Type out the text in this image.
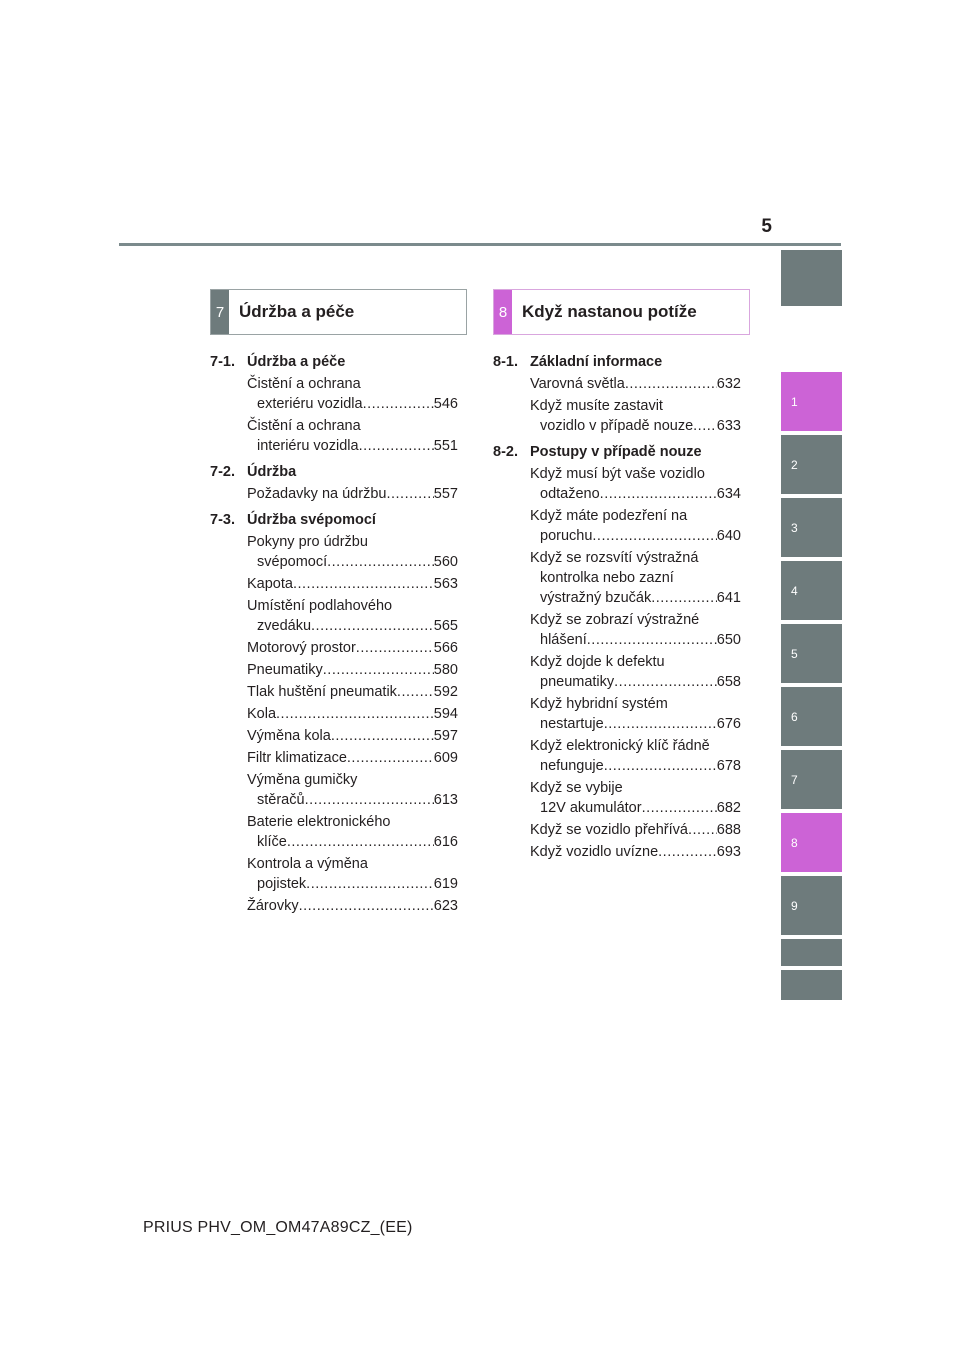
5
1
2
3
4
5
6
7
8
9
7 Údržba a péče	8 Když nastanou potíže
7-1. Údržba a péče
Čistění a ochrana
exteriéru vozidla .....	546
Čistění a ochrana
interiéru vozidla .....	551
7-2. Údržba
Požadavky na údržbu .....	557
7-3. Údržba svépomocí
Pokyny pro údržbu
svépomocí .....	560
Kapota .....	563
Umístění podlahového
zvedáku .....	565
Motorový prostor .....	566
Pneumatiky .....	580
Tlak huštění pneumatik .....	592
Kola .....	594
Výměna kola .....	597
Filtr klimatizace .....	609
Výměna gumičky
stěračů .....	613
Baterie elektronického
klíče .....	616
Kontrola a výměna
pojistek .....	619
Žárovky .....	623
8-1. Základní informace
Varovná světla .....	632
Když musíte zastavit
vozidlo v případě nouze ..... 633
8-2. Postupy v případě nouze
Když musí být vaše vozidlo
odtaženo .....	634
Když máte podezření na
poruchu .....	640
Když se rozsvítí výstražná
kontrolka nebo zazní
výstražný bzučák .....	641
Když se zobrazí výstražné
hlášení .....	650
Když dojde k defektu
pneumatiky .....	658
Když hybridní systém
nestartuje .....	676
Když elektronický klíč řádně
nefunguje .....	678
Když se vybije
12V akumulátor .....	682
Když se vozidlo přehřívá ..... 688
Když vozidlo uvízne .....	693
PRIUS PHV_OM_OM47A89CZ_(EE)
